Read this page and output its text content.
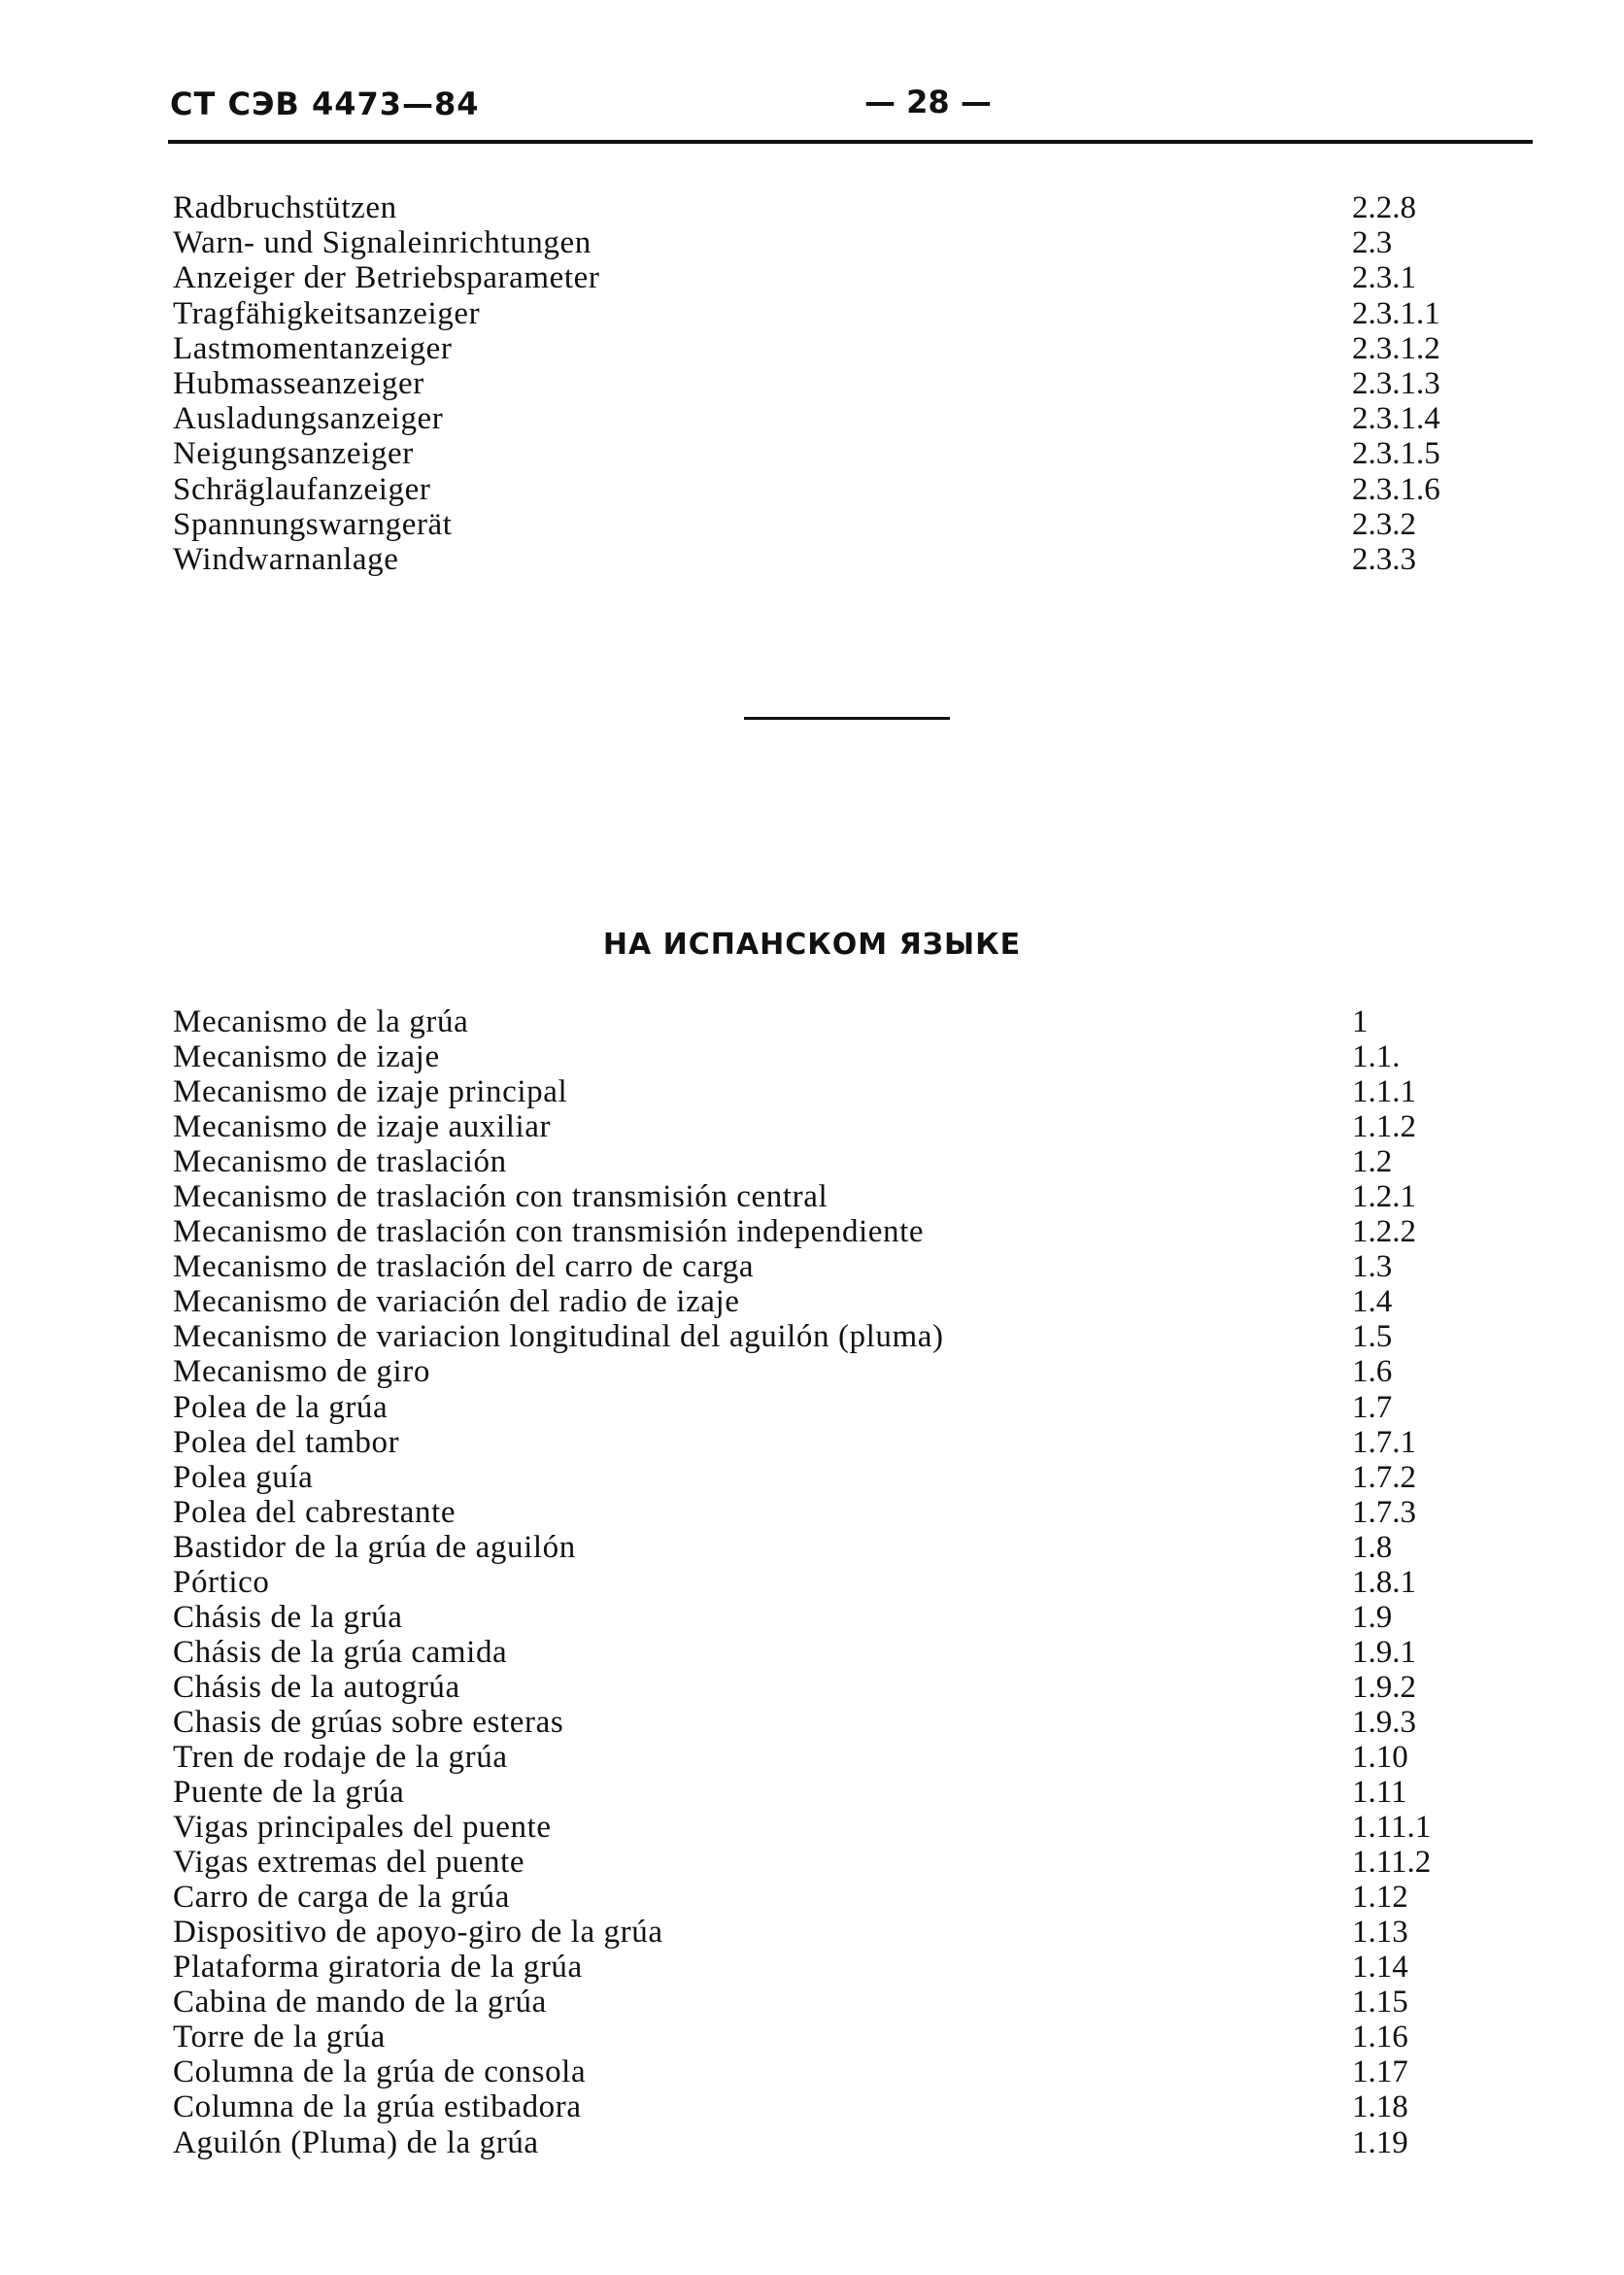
СТ СЭВ 4473—84	— 28 —
Radbruchstützen	2.2.8
Warn- und Signaleinrichtungen	2.3
Anzeiger der Betriebsparameter	2.3.1
Tragfähigkeitsanzeiger	2.3.1.1
Lastmomentanzeiger	2.3.1.2
Hubmasseanzeiger	2.3.1.3
Ausladungsanzeiger	2.3.1.4
Neigungsanzeiger	2.3.1.5
Schräglaufanzeiger	2.3.1.6
Spannungswarngerät	2.3.2
Windwarnanlage	2.3.3
НА ИСПАНСКОМ ЯЗЫКЕ
Mecanismo de la grúa	1
Mecanismo de izaje	1.1.
Mecanismo de izaje principal	1.1.1
Mecanismo de izaje auxiliar	1.1.2
Mecanismo de traslación	1.2
Mecanismo de traslación con transmisión central	1.2.1
Mecanismo de traslación con transmisión independiente	1.2.2
Mecanismo de traslación del carro de carga	1.3
Mecanismo de variación del radio de izaje	1.4
Mecanismo de variacion longitudinal del aguilón (pluma)	1.5
Mecanismo de giro	1.6
Polea de la grúa	1.7
Polea del tambor	1.7.1
Polea guía	1.7.2
Polea del cabrestante	1.7.3
Bastidor de la grúa de aguilón	1.8
Pórtico	1.8.1
Chásis de la grúa	1.9
Chásis de la grúa camida	1.9.1
Chásis de la autogrúa	1.9.2
Chasis de grúas sobre esteras	1.9.3
Tren de rodaje de la grúa	1.10
Puente de la grúa	1.11
Vigas principales del puente	1.11.1
Vigas extremas del puente	1.11.2
Carro de carga de la grúa	1.12
Dispositivo de apoyo-giro de la grúa	1.13
Plataforma giratoria de la grúa	1.14
Cabina de mando de la grúa	1.15
Torre de la grúa	1.16
Columna de la grúa de consola	1.17
Columna de la grúa estibadora	1.18
Aguilón (Pluma) de la grúa	1.19
